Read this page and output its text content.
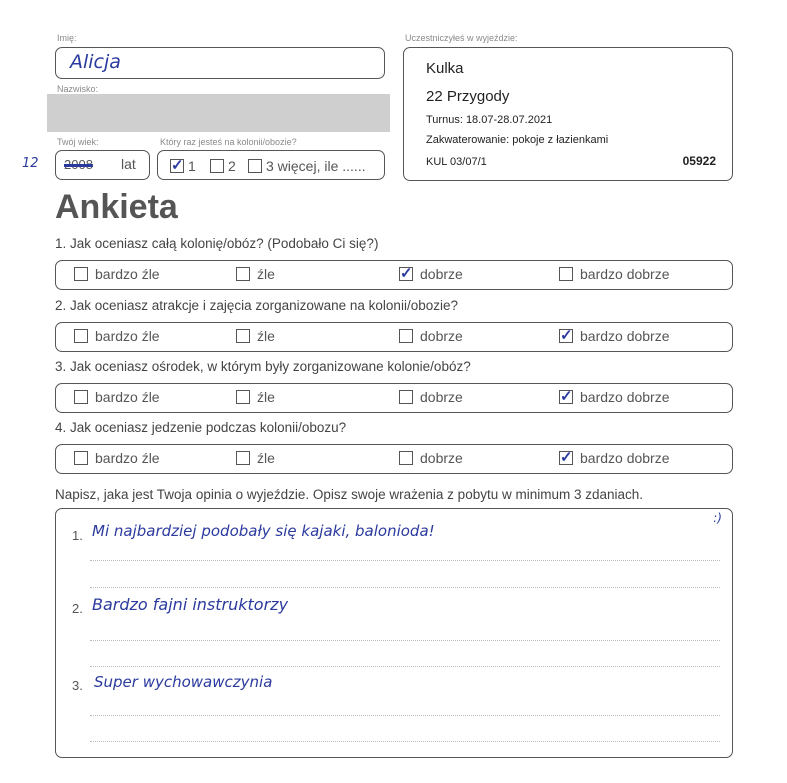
Imię:
Alicja
Nazwisko:
Twój wiek:
12 2008 lat
Który raz jesteś na kolonii/obozie?
✓
1 2 3 więcej, ile ......
Uczestniczyłeś w wyjeździe:
Kulka
22 Przygody
Turnus: 18.07-28.07.2021
Zakwaterowanie: pokoje z łazienkami
KUL 03/07/1	05922
Ankieta
1. Jak oceniasz całą kolonię/obóz? (Podobało Ci się?)
bardzo źle	źle ✓	dobrze	bardzo dobrze
2. Jak oceniasz atrakcje i zajęcia zorganizowane na kolonii/obozie?
bardzo źle	źle	dobrze ✓	bardzo dobrze
3. Jak oceniasz ośrodek, w którym były zorganizowane kolonie/obóz?
bardzo źle	źle	dobrze ✓	bardzo dobrze
4. Jak oceniasz jedzenie podczas kolonii/obozu?
bardzo źle	źle	dobrze ✓	bardzo dobrze
Napisz, jaka jest Twoja opinia o wyjeździe. Opisz swoje wrażenia z pobytu w minimum 3 zdaniach.
:)
1. Mi najbardziej podobały się kajaki, balonioda!
2. Bardzo fajni instruktorzy
3. Super wychowawczynia
